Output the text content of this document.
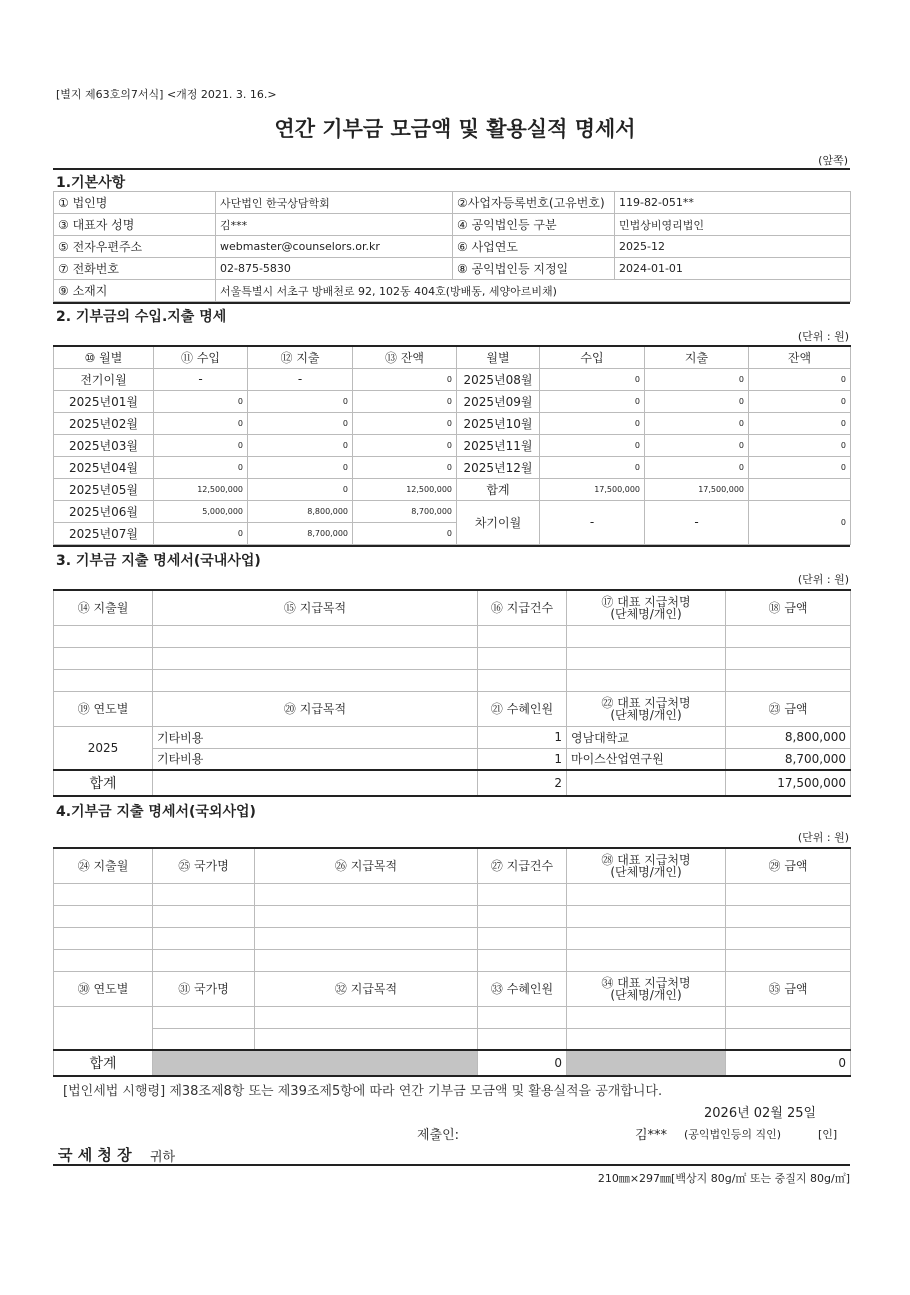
[별지 제63호의7서식] <개정 2021. 3. 16.>
연간 기부금 모금액 및 활용실적 명세서
(앞쪽)
1.기본사항
① 법인명	사단법인 한국상담학회	②사업자등록번호(고유번호)	119-82-051**
③ 대표자 성명	김***	④ 공익법인등 구분	민법상비영리법인
⑤ 전자우편주소	webmaster@counselors.or.kr	⑥ 사업연도	2025-12
⑦ 전화번호	02-875-5830	⑧ 공익법인등 지정일	2024-01-01
⑨ 소재지	서울특별시 서초구 방배천로 92, 102동 404호(방배동, 세양아르비채)		
2. 기부금의 수입.지출 명세
(단위 : 원)
⑩ 월별	⑪ 수입	⑫ 지출	⑬ 잔액	월별	수입	지출	잔액
전기이월	-	-	0	2025년08월	0	0	0
2025년01월	0	0	0	2025년09월	0	0	0
2025년02월	0	0	0	2025년10월	0	0	0
2025년03월	0	0	0	2025년11월	0	0	0
2025년04월	0	0	0	2025년12월	0	0	0
2025년05월	12,500,000	0	12,500,000	합계	17,500,000	17,500,000	
2025년06월	5,000,000	8,800,000	8,700,000	차기이월	-	-	0
2025년07월	0	8,700,000	0				
3. 기부금 지출 명세서(국내사업)
(단위 : 원)
⑭ 지출월	⑮ 지급목적	⑯ 지급건수	⑰ 대표 지급처명
(단체명/개인)	⑱ 금액

⑲ 연도별	⑳ 지급목적	㉑ 수혜인원	㉒ 대표 지급처명
(단체명/개인)	㉓ 금액
2025	기타비용	1	영남대학교	8,800,000
	기타비용	1	마이스산업연구원	8,700,000
합계		2		17,500,000
4.기부금 지출 명세서(국외사업)
(단위 : 원)
㉔ 지출월	㉕ 국가명	㉖ 지급목적	㉗ 지급건수	㉘ 대표 지급처명
(단체명/개인)	㉙ 금액

㉚ 연도별	㉛ 국가명	㉜ 지급목적	㉝ 수혜인원	㉞ 대표 지급처명
(단체명/개인)	㉟ 금액

합계			0		0
[법인세법 시행령] 제38조제8항 또는 제39조제5항에 따라 연간 기부금 모금액 및 활용실적을 공개합니다.
2026년 02월 25일
제출인:	김*** (공익법인등의 직인)	[인]
국 세 청 장 귀하
210㎜×297㎜[백상지 80g/㎡ 또는 중질지 80g/㎡]
